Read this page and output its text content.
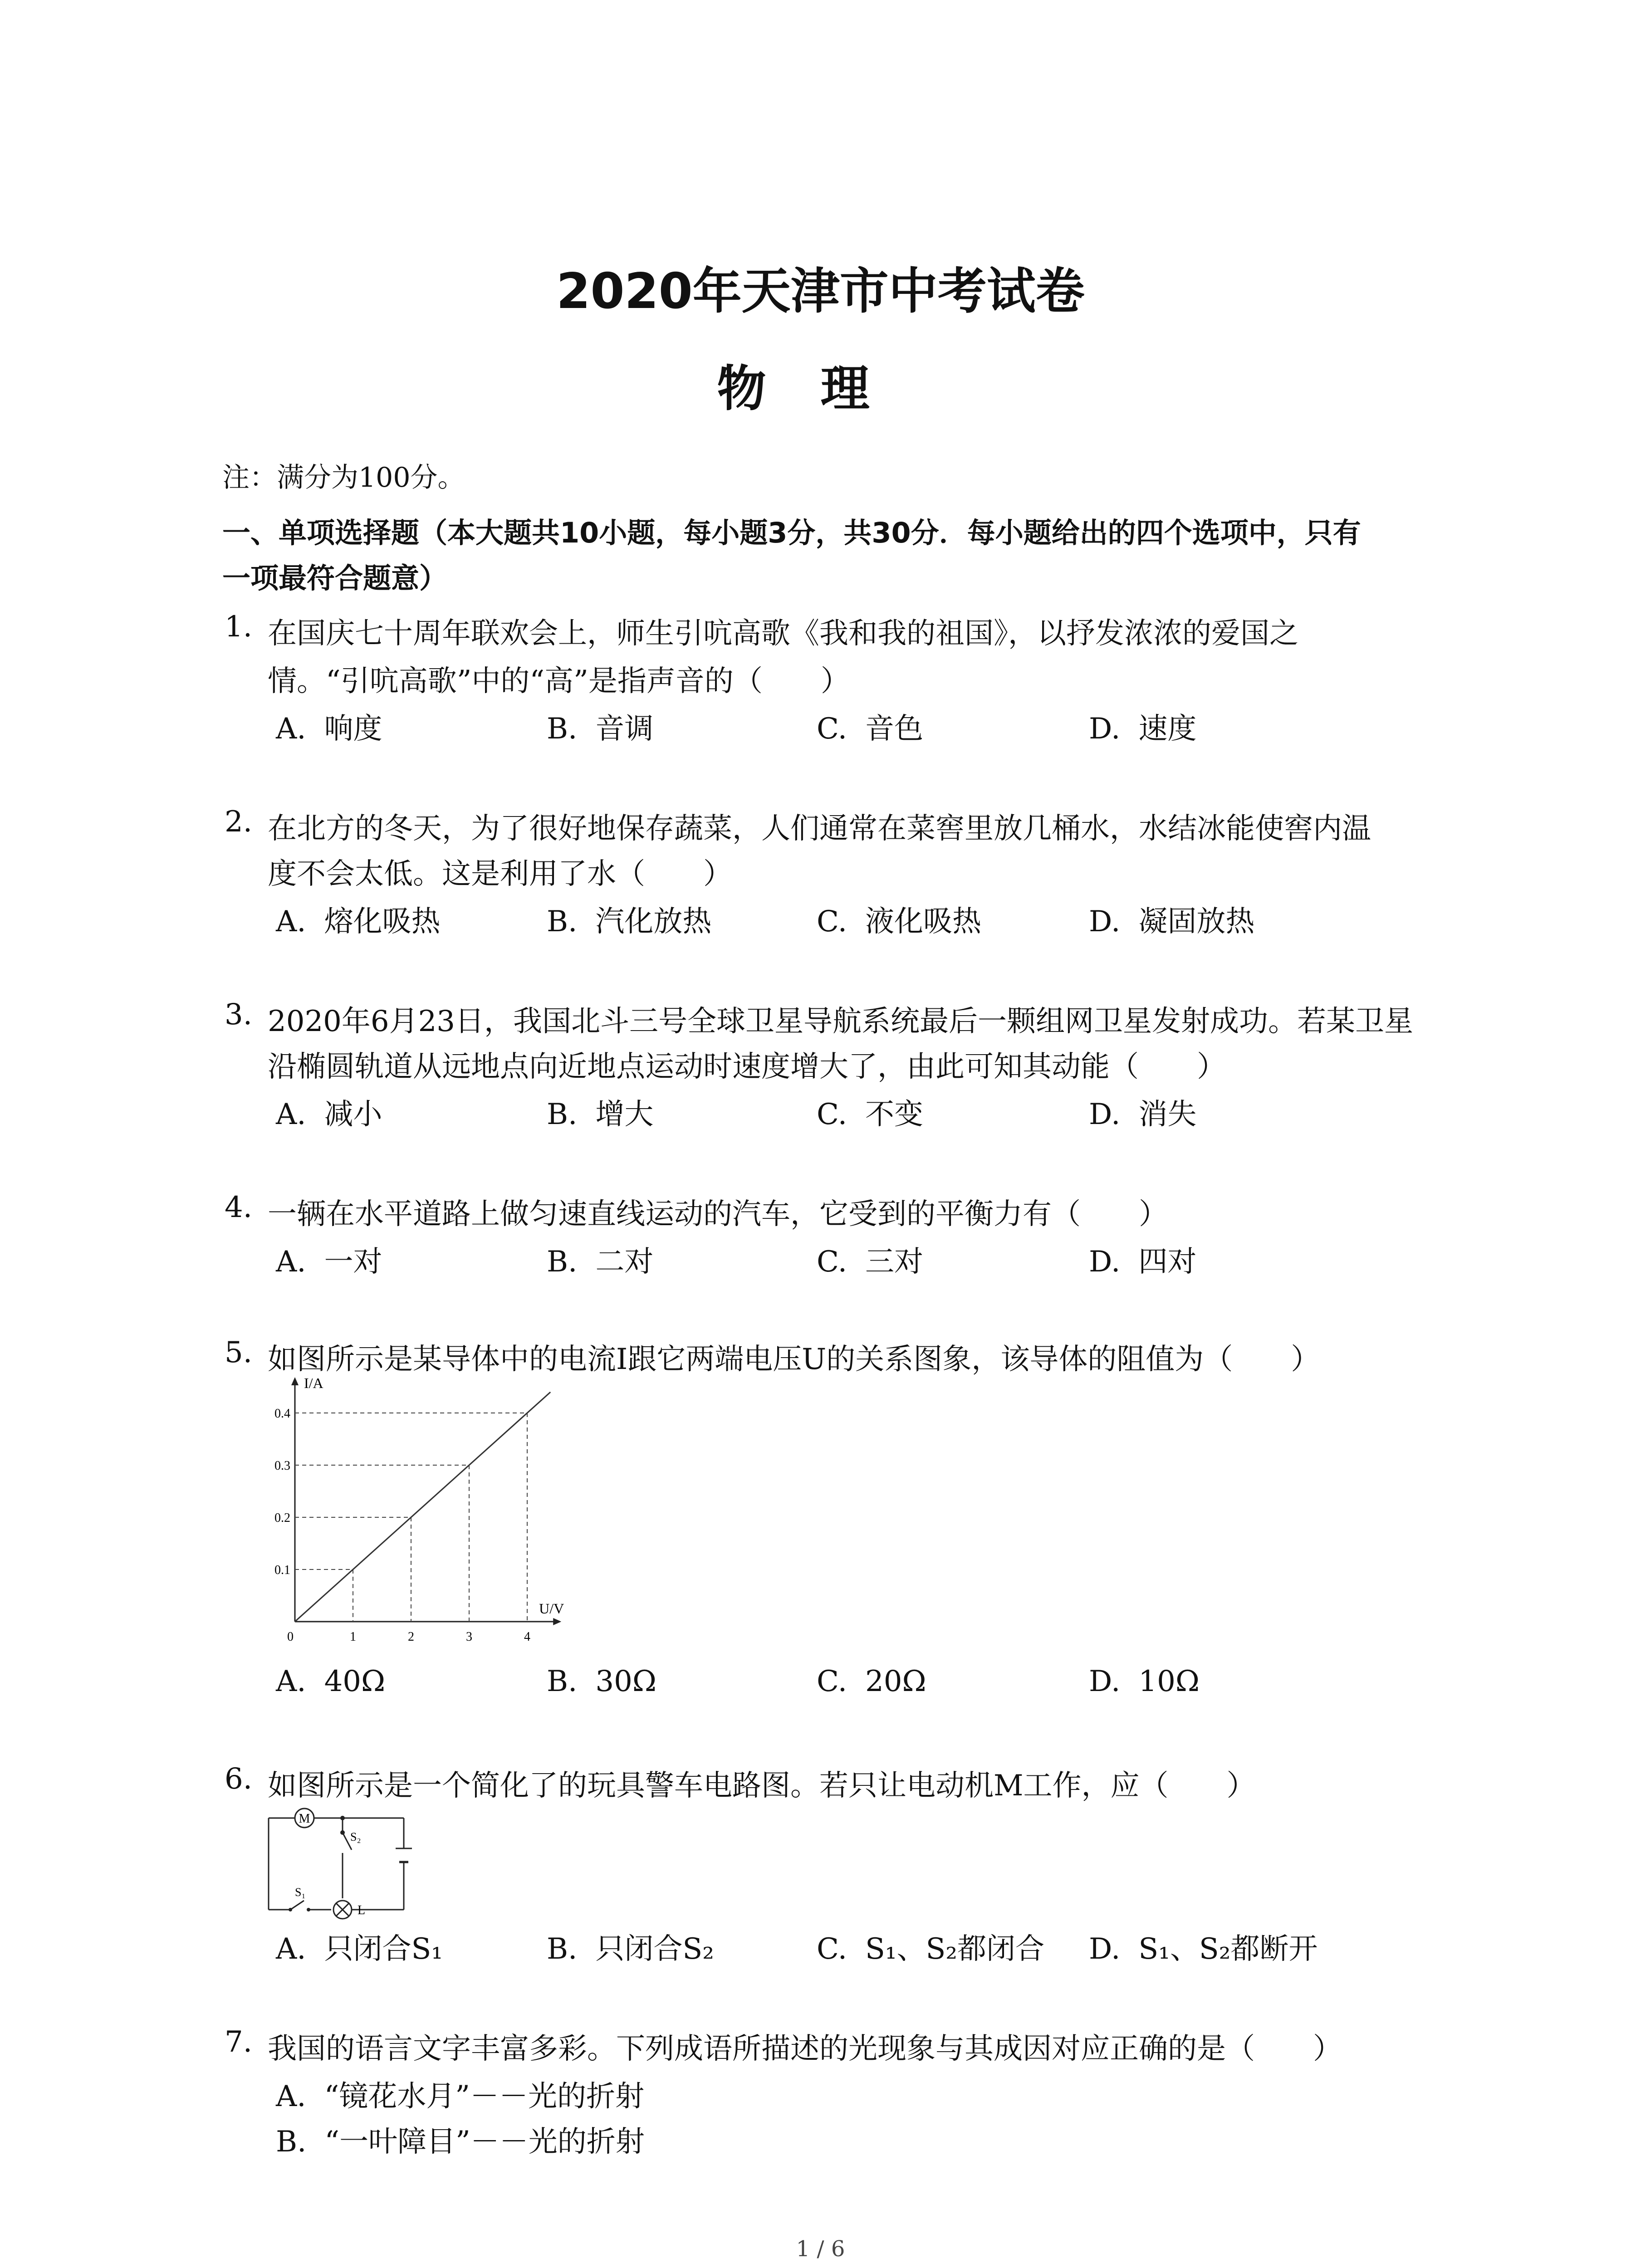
2020年天津市中考试卷
物理
注：满分为100分。
一、单项选择题（本大题共10小题，每小题3分，共30分．每小题给出的四个选项中，只有
一项最符合题意）
1. 在国庆七十周年联欢会上，师生引吭高歌《我和我的祖国》，以抒发浓浓的爱国之
情。“引吭高歌”中的“高”是指声音的（　　）
A. 响度	B. 音调	C. 音色	D. 速度
2. 在北方的冬天，为了很好地保存蔬菜，人们通常在菜窖里放几桶水，水结冰能使窖内温
度不会太低。这是利用了水（　　）
A. 熔化吸热	B. 汽化放热	C. 液化吸热	D. 凝固放热
3. 2020年6月23日，我国北斗三号全球卫星导航系统最后一颗组网卫星发射成功。若某卫星
沿椭圆轨道从远地点向近地点运动时速度增大了，由此可知其动能（　　）
A. 减小	B. 增大	C. 不变	D. 消失
4. 一辆在水平道路上做匀速直线运动的汽车，它受到的平衡力有（　　）
A. 一对	B. 二对	C. 三对	D. 四对
5. 如图所示是某导体中的电流I跟它两端电压U的关系图象，该导体的阻值为（　　）
0	1	2	3	4
0.1
0.2
0.3
0.4
I/A
U/V
A. 40Ω	B. 30Ω	C. 20Ω	D. 10Ω
6. 如图所示是一个简化了的玩具警车电路图。若只让电动机M工作，应（　　）
M
L
S₂
S₁
A. 只闭合S₁	B. 只闭合S₂	C. S₁、S₂都闭合 D. S₁、S₂都断开
7. 我国的语言文字丰富多彩。下列成语所描述的光现象与其成因对应正确的是（　　）
A. “镜花水月”－－光的折射
B. “一叶障目”－－光的折射
1 / 6
